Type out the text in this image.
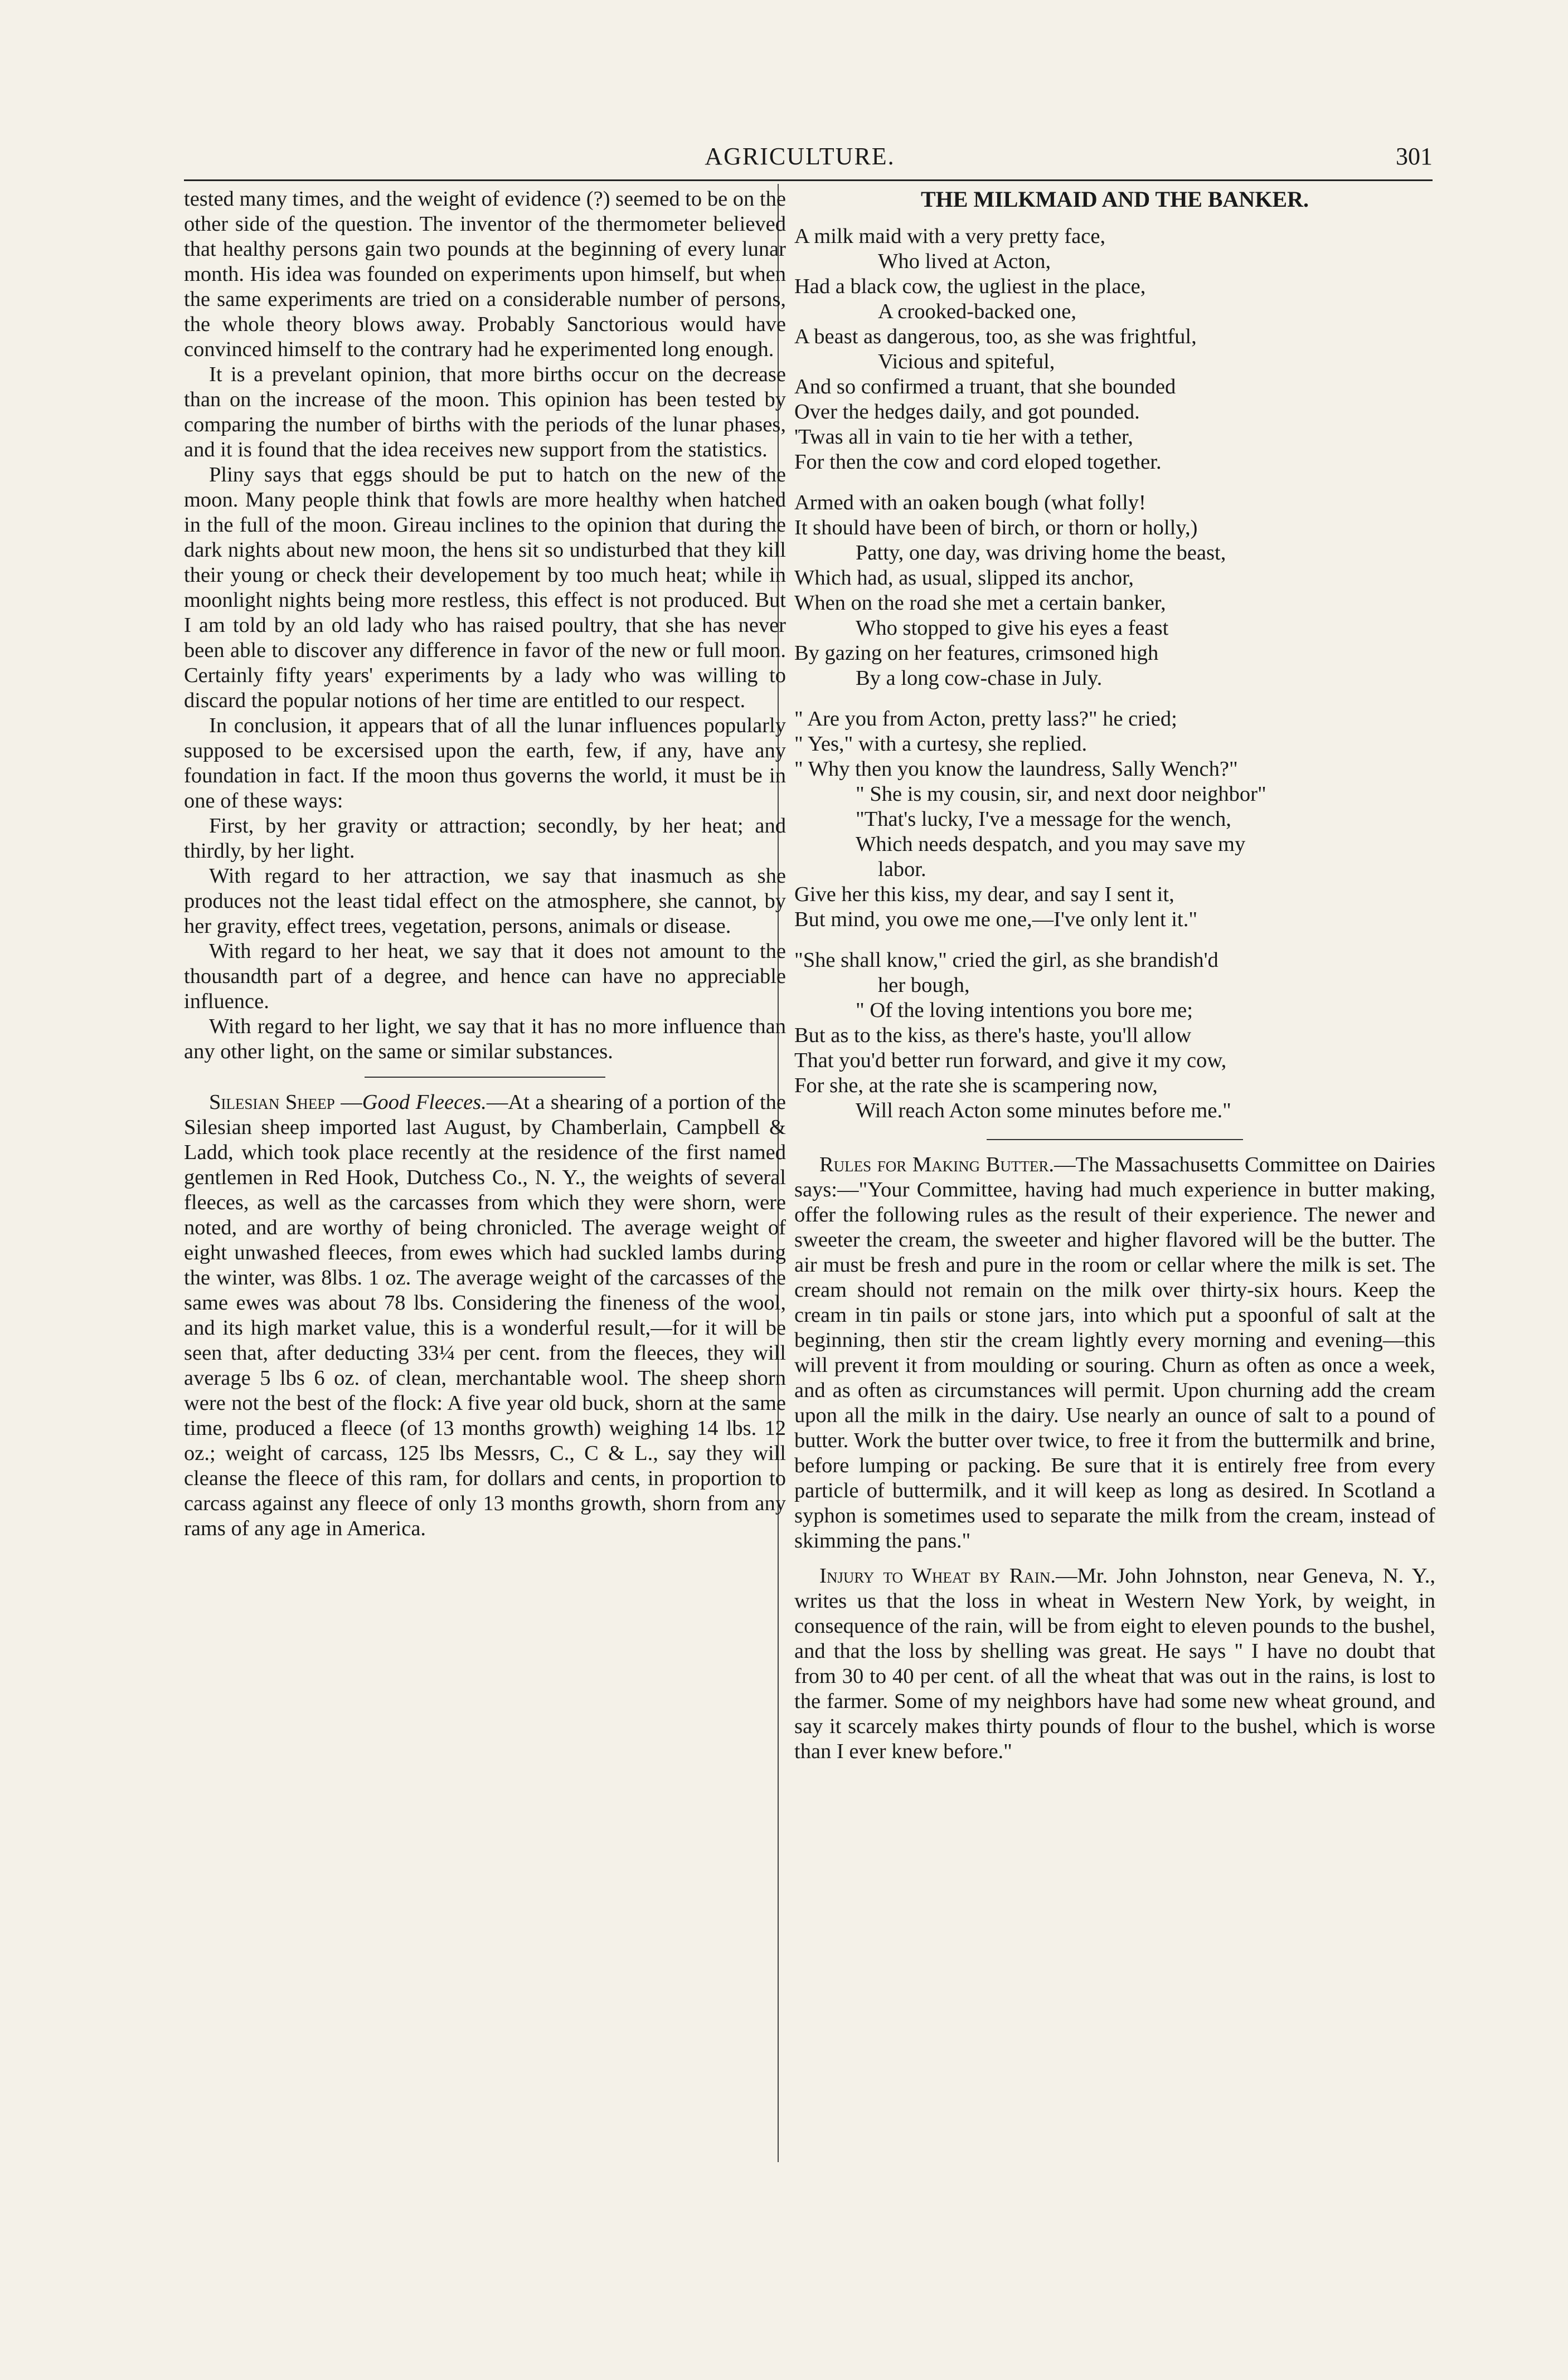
AGRICULTURE.	301

tested many times, and the weight of evidence (?) seemed to be on the other side of the question. The inventor of the thermometer believed that healthy persons gain two pounds at the beginning of every lunar month. His idea was founded on experiments upon himself, but when the same experiments are tried on a considerable number of persons, the whole theory blows away. Probably Sanctorious would have convinced himself to the contrary had he experimented long enough.

It is a prevelant opinion, that more births occur on the decrease than on the increase of the moon. This opinion has been tested by comparing the number of births with the periods of the lunar phases, and it is found that the idea receives new support from the statistics.

Pliny says that eggs should be put to hatch on the new of the moon. Many people think that fowls are more healthy when hatched in the full of the moon. Gireau inclines to the opinion that during the dark nights about new moon, the hens sit so undisturbed that they kill their young or check their developement by too much heat; while in moonlight nights being more restless, this effect is not produced. But I am told by an old lady who has raised poultry, that she has never been able to discover any difference in favor of the new or full moon. Certainly fifty years' experiments by a lady who was willing to discard the popular notions of her time are entitled to our respect.

In conclusion, it appears that of all the lunar influences popularly supposed to be excersised upon the earth, few, if any, have any foundation in fact. If the moon thus governs the world, it must be in one of these ways:

First, by her gravity or attraction; secondly, by her heat; and thirdly, by her light.

With regard to her attraction, we say that inasmuch as she produces not the least tidal effect on the atmosphere, she cannot, by her gravity, effect trees, vegetation, persons, animals or disease.

With regard to her heat, we say that it does not amount to the thousandth part of a degree, and hence can have no appreciable influence.

With regard to her light, we say that it has no more influence than any other light, on the same or similar substances.

Silesian Sheep —Good Fleeces.—At a shearing of a portion of the Silesian sheep imported last August, by Chamberlain, Campbell & Ladd, which took place recently at the residence of the first named gentlemen in Red Hook, Dutchess Co., N. Y., the weights of several fleeces, as well as the carcasses from which they were shorn, were noted, and are worthy of being chronicled. The average weight of eight unwashed fleeces, from ewes which had suckled lambs during the winter, was 8lbs. 1 oz. The average weight of the carcasses of the same ewes was about 78 lbs. Considering the fineness of the wool, and its high market value, this is a wonderful result,—for it will be seen that, after deducting 33¼ per cent. from the fleeces, they will average 5 lbs 6 oz. of clean, merchantable wool. The sheep shorn were not the best of the flock: A five year old buck, shorn at the same time, produced a fleece (of 13 months growth) weighing 14 lbs. 12 oz.; weight of carcass, 125 lbs Messrs, C., C & L., say they will cleanse the fleece of this ram, for dollars and cents, in proportion to carcass against any fleece of only 13 months growth, shorn from any rams of any age in America.

THE MILKMAID AND THE BANKER.
A milk maid with a very pretty face,
Who lived at Acton,
Had a black cow, the ugliest in the place,
A crooked-backed one,
A beast as dangerous, too, as she was frightful,
Vicious and spiteful,
And so confirmed a truant, that she bounded
Over the hedges daily, and got pounded.
'Twas all in vain to tie her with a tether,
For then the cow and cord eloped together.
Armed with an oaken bough (what folly!
It should have been of birch, or thorn or holly,)
Patty, one day, was driving home the beast,
Which had, as usual, slipped its anchor,
When on the road she met a certain banker,
Who stopped to give his eyes a feast
By gazing on her features, crimsoned high
By a long cow-chase in July.
" Are you from Acton, pretty lass?" he cried;
" Yes," with a curtesy, she replied.
" Why then you know the laundress, Sally Wench?"
" She is my cousin, sir, and next door neighbor"
"That's lucky, I've a message for the wench,
Which needs despatch, and you may save my
labor.
Give her this kiss, my dear, and say I sent it,
But mind, you owe me one,—I've only lent it."
"She shall know," cried the girl, as she brandish'd
her bough,
" Of the loving intentions you bore me;
But as to the kiss, as there's haste, you'll allow
That you'd better run forward, and give it my cow,
For she, at the rate she is scampering now,
Will reach Acton some minutes before me."

Rules for Making Butter.—The Massachusetts Committee on Dairies says:—"Your Committee, having had much experience in butter making, offer the following rules as the result of their experience. The newer and sweeter the cream, the sweeter and higher flavored will be the butter. The air must be fresh and pure in the room or cellar where the milk is set. The cream should not remain on the milk over thirty-six hours. Keep the cream in tin pails or stone jars, into which put a spoonful of salt at the beginning, then stir the cream lightly every morning and evening—this will prevent it from moulding or souring. Churn as often as once a week, and as often as circumstances will permit. Upon churning add the cream upon all the milk in the dairy. Use nearly an ounce of salt to a pound of butter. Work the butter over twice, to free it from the buttermilk and brine, before lumping or packing. Be sure that it is entirely free from every particle of buttermilk, and it will keep as long as desired. In Scotland a syphon is sometimes used to separate the milk from the cream, instead of skimming the pans."

Injury to Wheat by Rain.—Mr. John Johnston, near Geneva, N. Y., writes us that the loss in wheat in Western New York, by weight, in consequence of the rain, will be from eight to eleven pounds to the bushel, and that the loss by shelling was great. He says " I have no doubt that from 30 to 40 per cent. of all the wheat that was out in the rains, is lost to the farmer. Some of my neighbors have had some new wheat ground, and say it scarcely makes thirty pounds of flour to the bushel, which is worse than I ever knew before."
